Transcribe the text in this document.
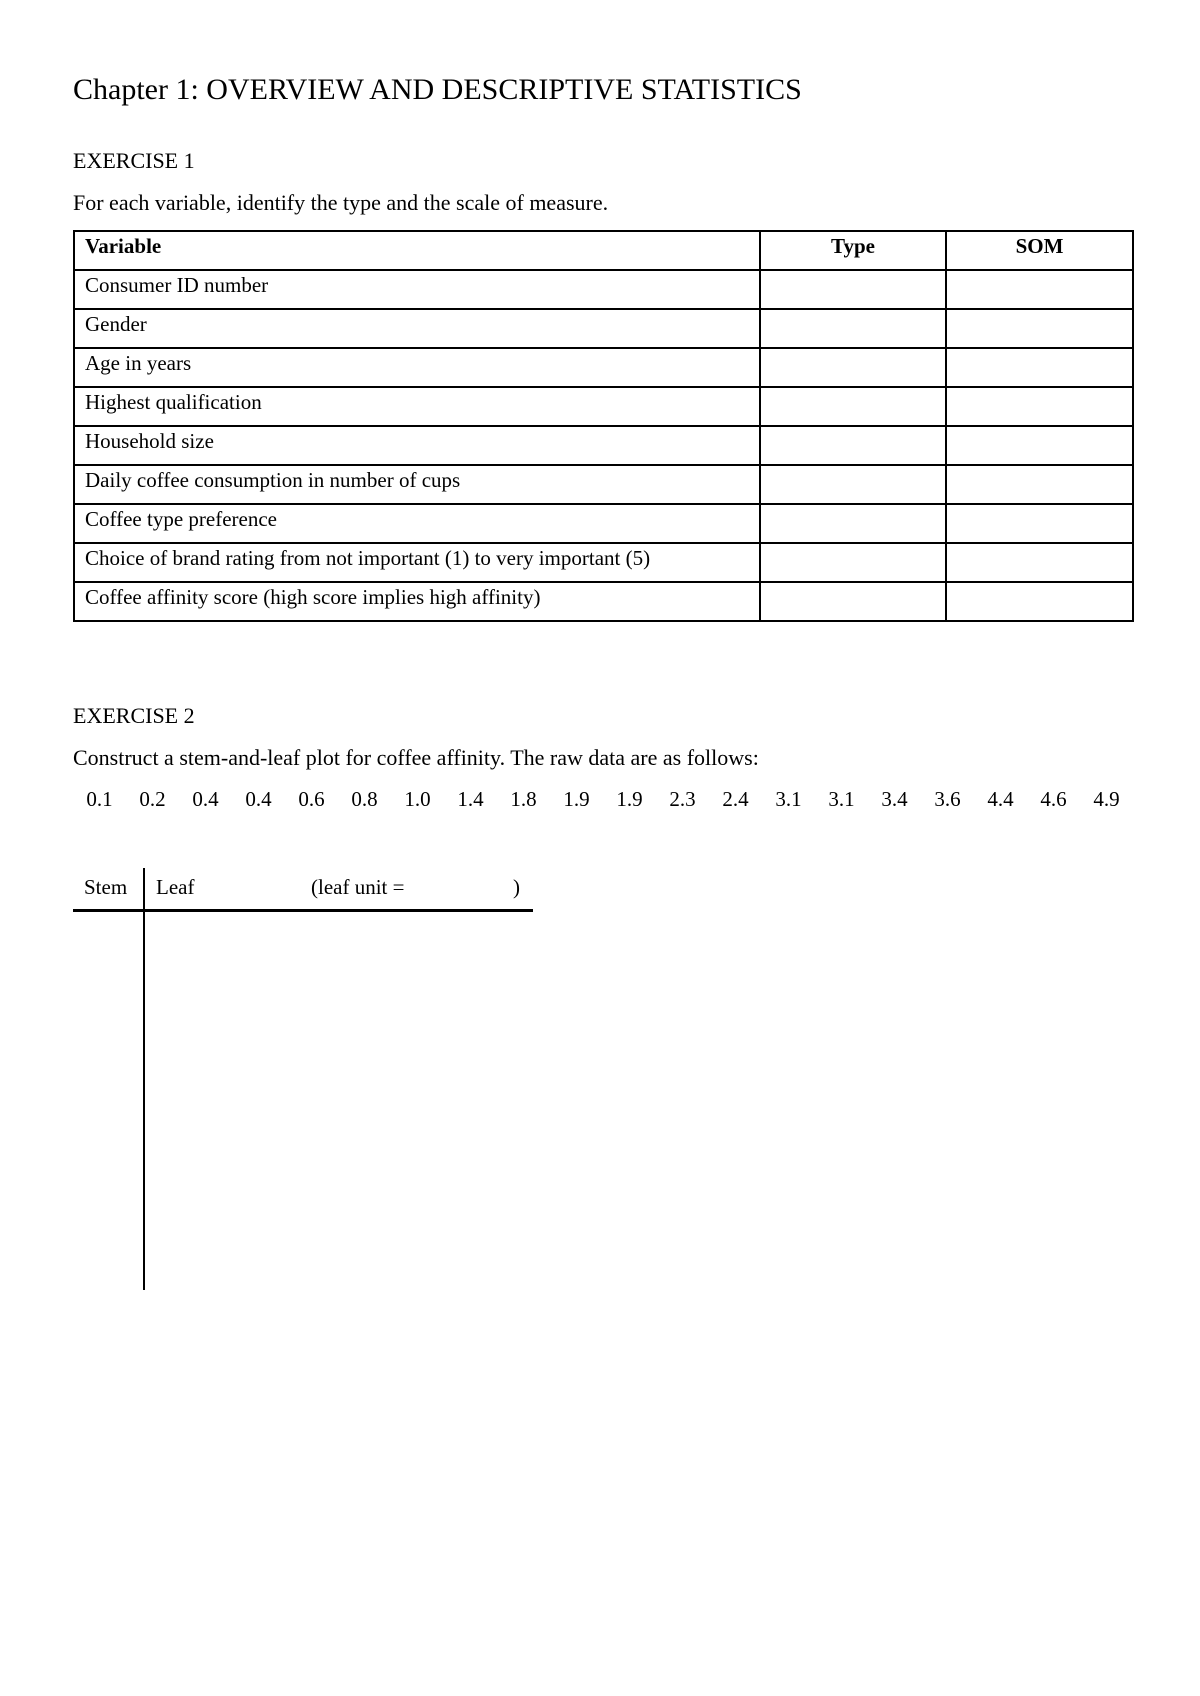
Chapter 1: OVERVIEW AND DESCRIPTIVE STATISTICS
EXERCISE 1
For each variable, identify the type and the scale of measure.
Variable	Type	SOM
Consumer ID number		
Gender		
Age in years		
Highest qualification		
Household size		
Daily coffee consumption in number of cups		
Coffee type preference		
Choice of brand rating from not important (1) to very important (5)		
Coffee affinity score (high score implies high affinity)		
EXERCISE 2
Construct a stem-and-leaf plot for coffee affinity. The raw data are as follows:
0.1	0.2	0.4	0.4	0.6	0.8	1.0	1.4	1.8	1.9	1.9	2.3	2.4	3.1	3.1	3.4	3.6	4.4	4.6	4.9
Stem Leaf	(leaf unit =	)
